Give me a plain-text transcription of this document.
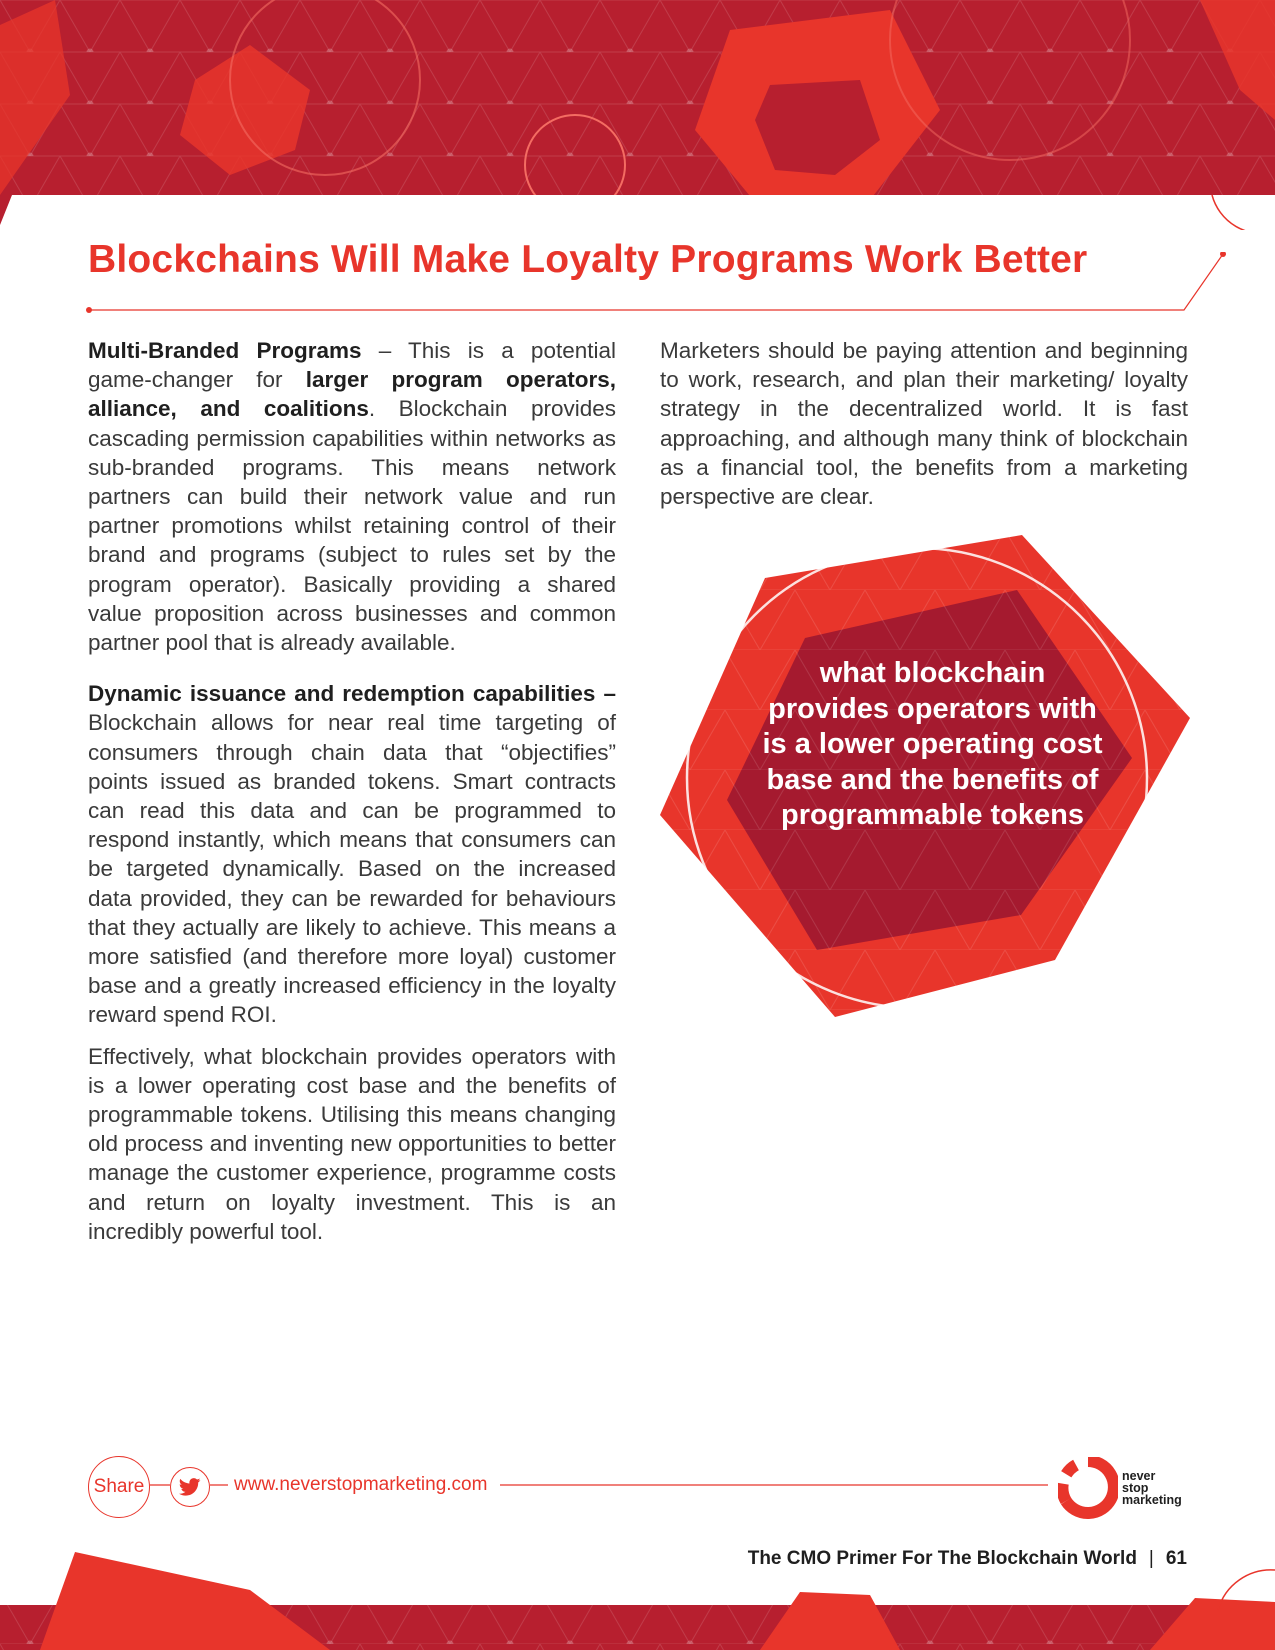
Blockchains Will Make Loyalty Programs Work Better

Multi-Branded Programs – This is a potential game-changer for larger program operators, alliance, and coalitions. Blockchain provides cascading permission capabilities within networks as sub-branded programs. This means network partners can build their network value and run partner promotions whilst retaining control of their brand and programs (subject to rules set by the program operator). Basically providing a shared value proposition across businesses and common partner pool that is already available.

Dynamic issuance and redemption capabilities – Blockchain allows for near real time targeting of consumers through chain data that “objectifies” points issued as branded tokens. Smart contracts can read this data and can be programmed to respond instantly, which means that consumers can be targeted dynamically. Based on the increased data provided, they can be rewarded for behaviours that they actually are likely to achieve. This means a more satisfied (and therefore more loyal) customer base and a greatly increased efficiency in the loyalty reward spend ROI.

Effectively, what blockchain provides operators with is a lower operating cost base and the benefits of programmable tokens. Utilising this means changing old process and inventing new opportunities to better manage the customer experience, programme costs and return on loyalty investment. This is an incredibly powerful tool.

Marketers should be paying attention and beginning to work, research, and plan their marketing/ loyalty strategy in the decentralized world. It is fast approaching, and although many think of blockchain as a financial tool, the benefits from a marketing perspective are clear.

what blockchain provides operators with is a lower operating cost base and the benefits of programmable tokens
Share	www.neverstopmarketing.com	never
stop
marketing
The CMO Primer For The Blockchain World | 61
